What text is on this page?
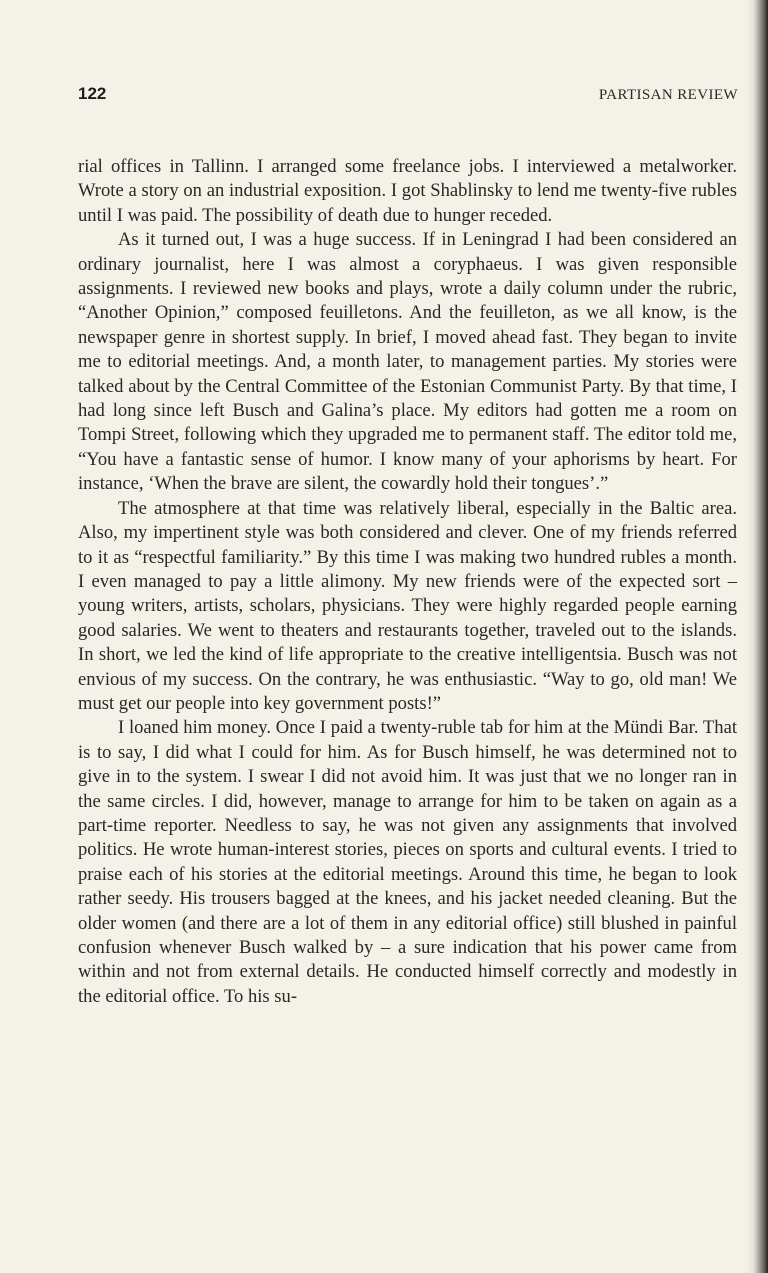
122	PARTISAN REVIEW

rial offices in Tallinn. I arranged some freelance jobs. I interviewed a metalworker. Wrote a story on an industrial exposition. I got Shablinsky to lend me twenty-five rubles until I was paid. The possibility of death due to hunger receded.

As it turned out, I was a huge success. If in Leningrad I had been considered an ordinary journalist, here I was almost a coryphaeus. I was given responsible assignments. I reviewed new books and plays, wrote a daily column under the rubric, “Another Opinion,” composed feuilletons. And the feuilleton, as we all know, is the newspaper genre in shortest supply. In brief, I moved ahead fast. They began to invite me to editorial meetings. And, a month later, to management parties. My stories were talked about by the Central Committee of the Estonian Communist Party. By that time, I had long since left Busch and Galina’s place. My editors had gotten me a room on Tompi Street, following which they upgraded me to permanent staff. The editor told me, “You have a fantastic sense of humor. I know many of your aphorisms by heart. For instance, ‘When the brave are silent, the cowardly hold their tongues’.”

The atmosphere at that time was relatively liberal, especially in the Baltic area. Also, my impertinent style was both considered and clever. One of my friends referred to it as “respectful familiarity.” By this time I was making two hundred rubles a month. I even managed to pay a little alimony. My new friends were of the expected sort – young writers, artists, scholars, physicians. They were highly regarded people earning good salaries. We went to theaters and restaurants together, traveled out to the islands. In short, we led the kind of life appropriate to the creative intelligentsia. Busch was not envious of my success. On the contrary, he was enthusiastic. “Way to go, old man! We must get our people into key government posts!”

I loaned him money. Once I paid a twenty-ruble tab for him at the Mündi Bar. That is to say, I did what I could for him. As for Busch himself, he was determined not to give in to the system. I swear I did not avoid him. It was just that we no longer ran in the same circles. I did, however, manage to arrange for him to be taken on again as a part-time reporter. Needless to say, he was not given any assignments that involved politics. He wrote human-interest stories, pieces on sports and cultural events. I tried to praise each of his stories at the editorial meetings. Around this time, he began to look rather seedy. His trousers bagged at the knees, and his jacket needed cleaning. But the older women (and there are a lot of them in any editorial office) still blushed in painful confusion whenever Busch walked by – a sure indication that his power came from within and not from external details. He conducted himself correctly and modestly in the editorial office. To his su-
